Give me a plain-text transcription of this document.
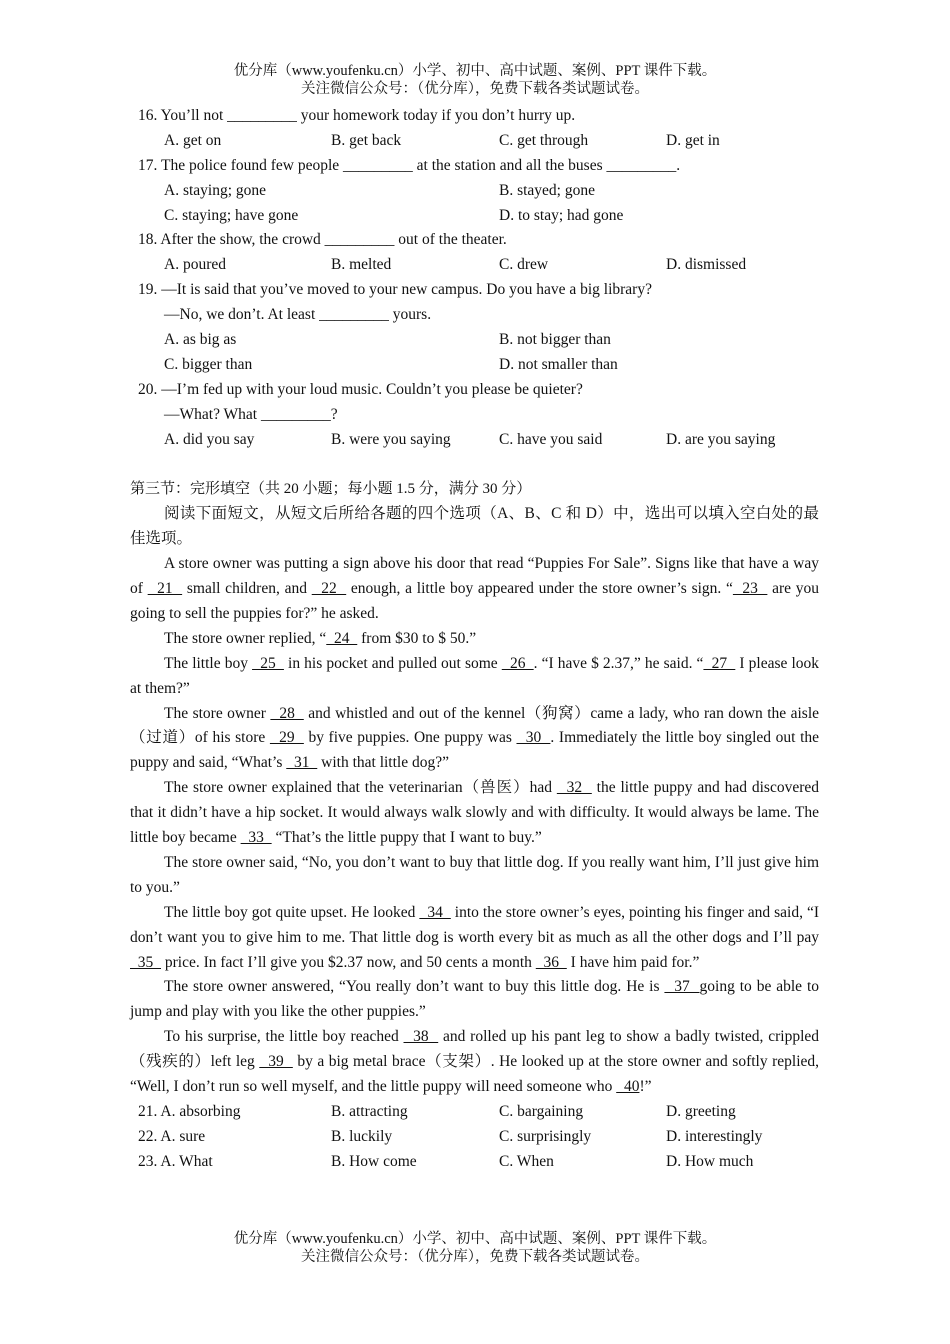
优分库（www.youfenku.cn）小学、初中、高中试题、案例、PPT 课件下载。
关注微信公众号：（优分库），免费下载各类试题试卷。
16. You’ll not _________ your homework today if you don’t hurry up.
A. get on	B. get back	C. get through	D. get in
17. The police found few people _________ at the station and all the buses _________.
A. staying; gone	B. stayed; gone
C. staying; have gone	D. to stay; had gone
18. After the show, the crowd _________ out of the theater.
A. poured	B. melted	C. drew	D. dismissed
19. —It is said that you’ve moved to your new campus. Do you have a big library?
—No, we don’t. At least _________ yours.
A. as big as	B. not bigger than
C. bigger than	D. not smaller than
20. —I’m fed up with your loud music. Couldn’t you please be quieter?
—What? What _________?
A. did you say	B. were you saying	C. have you said	D. are you saying
第三节：完形填空（共 20 小题；每小题 1.5 分，满分 30 分）

阅读下面短文，从短文后所给各题的四个选项（A、B、C 和 D）中，选出可以填入空白处的最佳选项。

A store owner was putting a sign above his door that read “Puppies For Sale”. Signs like that have a way of   21   small children, and   22   enough, a little boy appeared under the store owner’s sign. “  23   are you going to sell the puppies for?” he asked.

The store owner replied, “  24   from $30 to $ 50.”

The little boy   25   in his pocket and pulled out some   26  . “I have $ 2.37,” he said. “  27   I please look at them?”

The store owner   28   and whistled and out of the kennel（狗窝）came a lady, who ran down the aisle（过道）of his store   29   by five puppies. One puppy was   30  . Immediately the little boy singled out the puppy and said, “What’s   31   with that little dog?”

The store owner explained that the veterinarian（兽医）had   32   the little puppy and had discovered that it didn’t have a hip socket. It would always walk slowly and with difficulty. It would always be lame. The little boy became   33   “That’s the little puppy that I want to buy.”

The store owner said, “No, you don’t want to buy that little dog. If you really want him, I’ll just give him to you.”

The little boy got quite upset. He looked   34   into the store owner’s eyes, pointing his finger and said, “I don’t want you to give him to me. That little dog is worth every bit as much as all the other dogs and I’ll pay   35   price. In fact I’ll give you $2.37 now, and 50 cents a month   36   I have him paid for.”

The store owner answered, “You really don’t want to buy this little dog. He is   37  going to be able to jump and play with you like the other puppies.”

To his surprise, the little boy reached   38   and rolled up his pant leg to show a badly twisted, crippled（残疾的）left leg   39   by a big metal brace（支架）. He looked up at the store owner and softly replied, “Well, I don’t run so well myself, and the little puppy will need someone who   40!”

21. A. absorbing	B. attracting	C. bargaining	D. greeting
22. A. sure	B. luckily	C. surprisingly	D. interestingly
23. A. What	B. How come	C. When	D. How much
优分库（www.youfenku.cn）小学、初中、高中试题、案例、PPT 课件下载。
关注微信公众号：（优分库），免费下载各类试题试卷。
